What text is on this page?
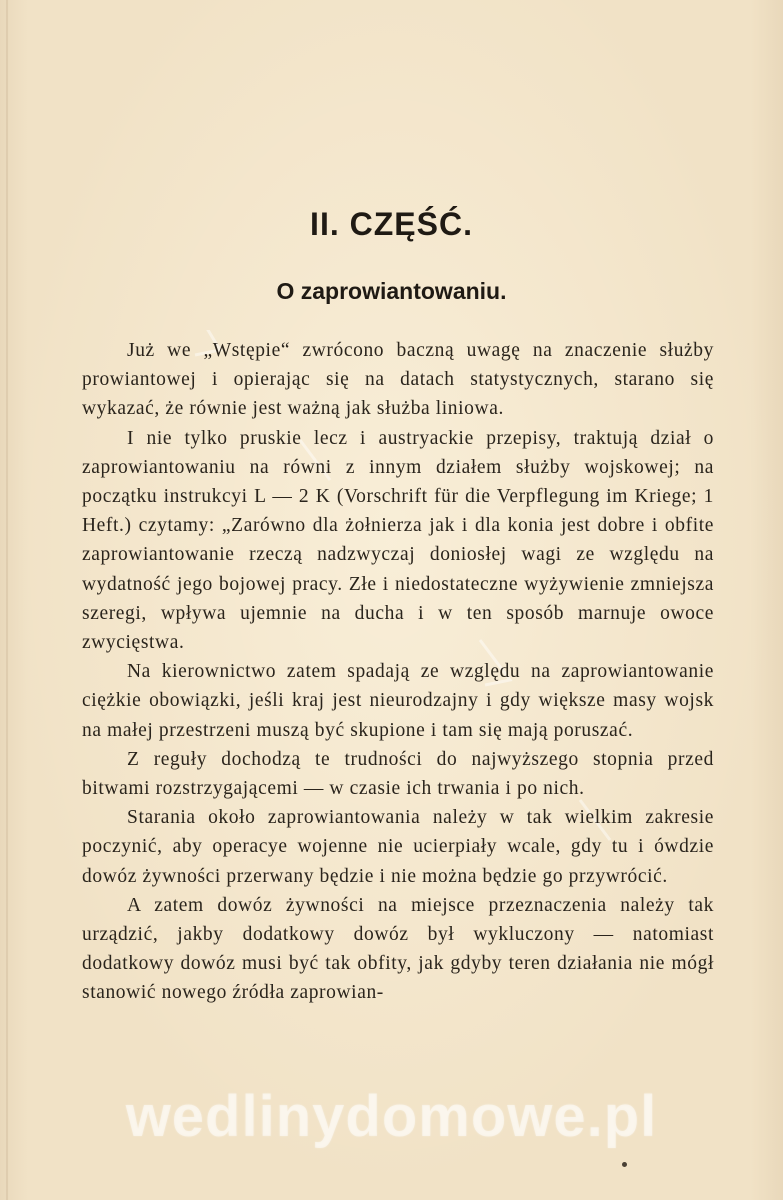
II. CZĘŚĆ.
O zaprowiantowaniu.

Już we „Wstępie“ zwrócono baczną uwagę na znaczenie służby prowiantowej i opierając się na datach statystycznych, starano się wykazać, że równie jest ważną jak służba liniowa.

I nie tylko pruskie lecz i austryackie przepisy, traktują dział o zaprowiantowaniu na równi z innym działem służby wojskowej; na początku instrukcyi L — 2 K (Vorschrift für die Verpflegung im Kriege; 1 Heft.) czytamy: „Zarówno dla żołnierza jak i dla konia jest dobre i obfite zaprowiantowanie rzeczą nadzwyczaj doniosłej wagi ze względu na wydatność jego bojowej pracy. Złe i niedostateczne wyżywienie zmniejsza szeregi, wpływa ujemnie na ducha i w ten sposób marnuje owoce zwycięstwa.

Na kierownictwo zatem spadają ze względu na zaprowiantowanie ciężkie obowiązki, jeśli kraj jest nieurodzajny i gdy większe masy wojsk na małej przestrzeni muszą być skupione i tam się mają poruszać.

Z reguły dochodzą te trudności do najwyższego stopnia przed bitwami rozstrzygającemi — w czasie ich trwania i po nich.

Starania około zaprowiantowania należy w tak wielkim zakresie poczynić, aby operacye wojenne nie ucierpiały wcale, gdy tu i ówdzie dowóz żywności przerwany będzie i nie można będzie go przywrócić.

A zatem dowóz żywności na miejsce przeznaczenia należy tak urządzić, jakby dodatkowy dowóz był wykluczony — natomiast dodatkowy dowóz musi być tak obfity, jak gdyby teren działania nie mógł stanowić nowego źródła zaprowian-

wedlinydomowe.pl
